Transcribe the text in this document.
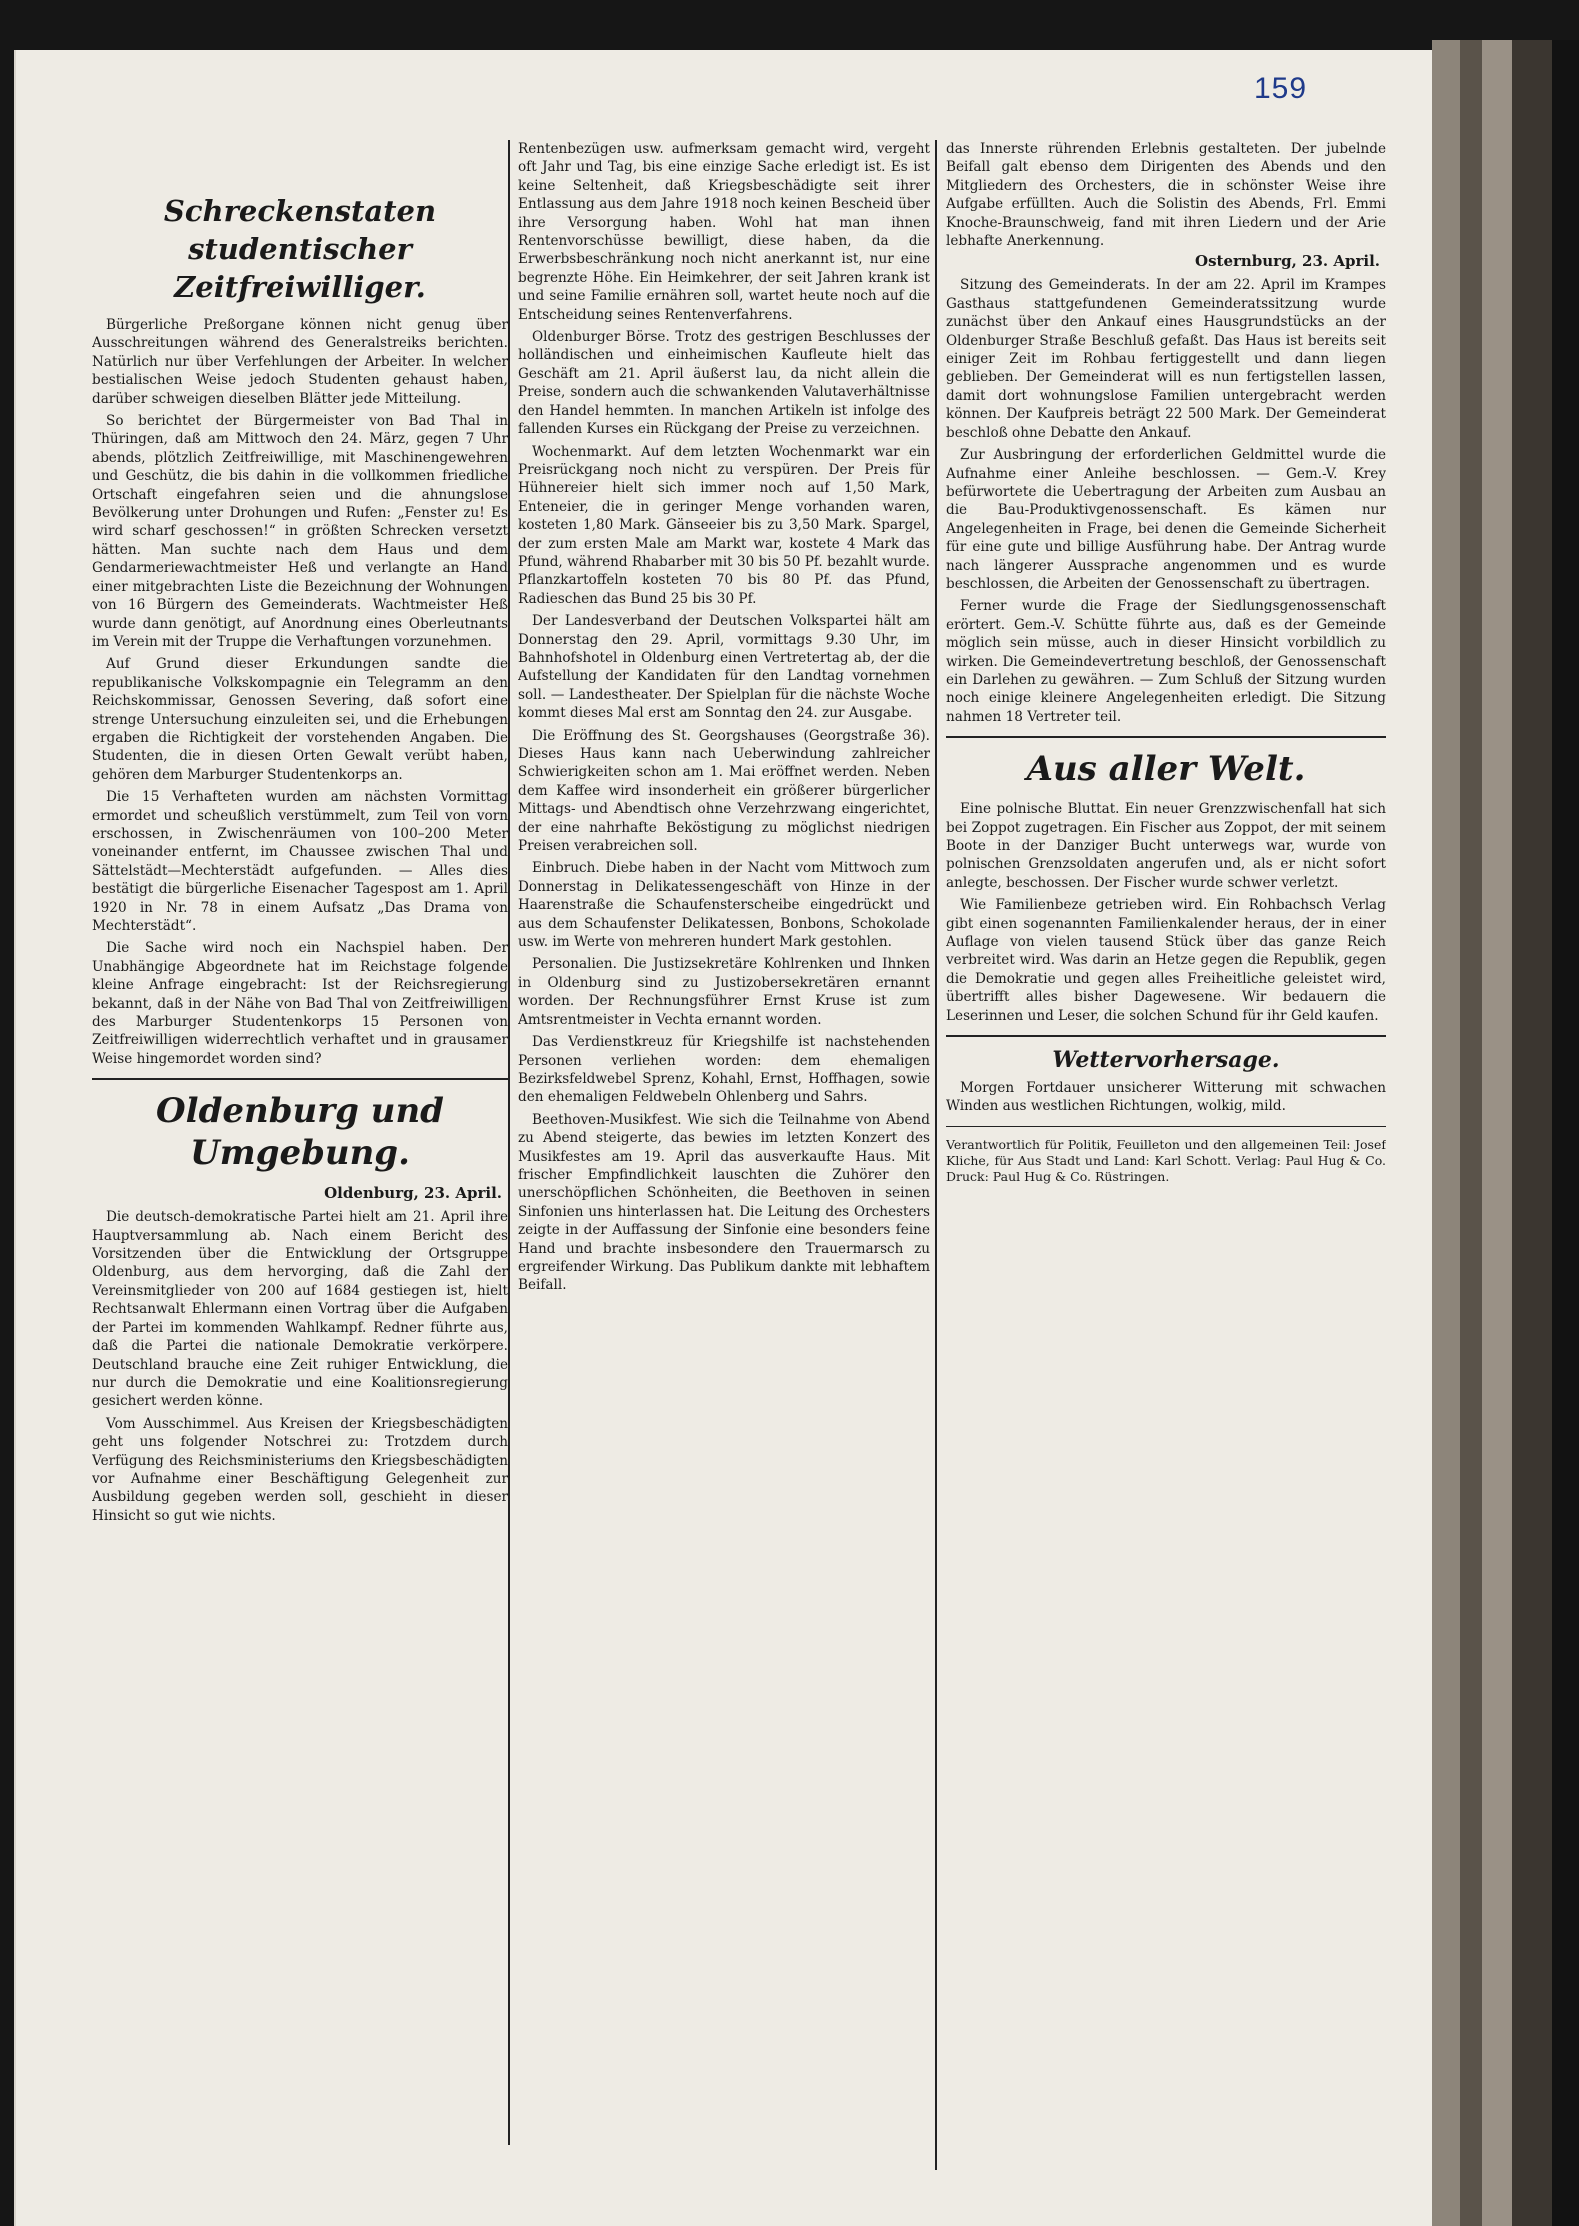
159
Schreckenstaten studentischer Zeitfreiwilliger.

Bürgerliche Preßorgane können nicht genug über Ausschreitungen während des Generalstreiks berichten. Natürlich nur über Verfehlungen der Arbeiter. In welcher bestialischen Weise jedoch Studenten gehaust haben, darüber schweigen dieselben Blätter jede Mitteilung.

So berichtet der Bürgermeister von Bad Thal in Thüringen, daß am Mittwoch den 24. März, gegen 7 Uhr abends, plötzlich Zeitfreiwillige, mit Maschinengewehren und Geschütz, die bis dahin in die vollkommen friedliche Ortschaft eingefahren seien und die ahnungslose Bevölkerung unter Drohungen und Rufen: „Fenster zu! Es wird scharf geschossen!“ in größten Schrecken versetzt hätten. Man suchte nach dem Haus und dem Gendarmeriewachtmeister Heß und verlangte an Hand einer mitgebrachten Liste die Bezeichnung der Wohnungen von 16 Bürgern des Gemeinderats. Wachtmeister Heß wurde dann genötigt, auf Anordnung eines Oberleutnants im Verein mit der Truppe die Verhaftungen vorzunehmen.

Auf Grund dieser Erkundungen sandte die republikanische Volkskompagnie ein Telegramm an den Reichskommissar, Genossen Severing, daß sofort eine strenge Untersuchung einzuleiten sei, und die Erhebungen ergaben die Richtigkeit der vorstehenden Angaben. Die Studenten, die in diesen Orten Gewalt verübt haben, gehören dem Marburger Studentenkorps an.

Die 15 Verhafteten wurden am nächsten Vormittag ermordet und scheußlich verstümmelt, zum Teil von vorn erschossen, in Zwischenräumen von 100–200 Meter voneinander entfernt, im Chaussee zwischen Thal und Sättelstädt—Mechterstädt aufgefunden. — Alles dies bestätigt die bürgerliche Eisenacher Tagespost am 1. April 1920 in Nr. 78 in einem Aufsatz „Das Drama von Mechterstädt“.

Die Sache wird noch ein Nachspiel haben. Der Unabhängige Abgeordnete hat im Reichstage folgende kleine Anfrage eingebracht: Ist der Reichsregierung bekannt, daß in der Nähe von Bad Thal von Zeitfreiwilligen des Marburger Studentenkorps 15 Personen von Zeitfreiwilligen widerrechtlich verhaftet und in grausamer Weise hingemordet worden sind?

Oldenburg und Umgebung.
Oldenburg, 23. April.

Die deutsch-demokratische Partei hielt am 21. April ihre Hauptversammlung ab. Nach einem Bericht des Vorsitzenden über die Entwicklung der Ortsgruppe Oldenburg, aus dem hervorging, daß die Zahl der Vereinsmitglieder von 200 auf 1684 gestiegen ist, hielt Rechtsanwalt Ehlermann einen Vortrag über die Aufgaben der Partei im kommenden Wahlkampf. Redner führte aus, daß die Partei die nationale Demokratie verkörpere. Deutschland brauche eine Zeit ruhiger Entwicklung, die nur durch die Demokratie und eine Koalitionsregierung gesichert werden könne.

Vom Ausschimmel. Aus Kreisen der Kriegsbeschädigten geht uns folgender Notschrei zu: Trotzdem durch Verfügung des Reichsministeriums den Kriegsbeschädigten vor Aufnahme einer Beschäftigung Gelegenheit zur Ausbildung gegeben werden soll, geschieht in dieser Hinsicht so gut wie nichts.

Rentenbezügen usw. aufmerksam gemacht wird, vergeht oft Jahr und Tag, bis eine einzige Sache erledigt ist. Es ist keine Seltenheit, daß Kriegsbeschädigte seit ihrer Entlassung aus dem Jahre 1918 noch keinen Bescheid über ihre Versorgung haben. Wohl hat man ihnen Rentenvorschüsse bewilligt, diese haben, da die Erwerbsbeschränkung noch nicht anerkannt ist, nur eine begrenzte Höhe. Ein Heimkehrer, der seit Jahren krank ist und seine Familie ernähren soll, wartet heute noch auf die Entscheidung seines Rentenverfahrens.

Oldenburger Börse. Trotz des gestrigen Beschlusses der holländischen und einheimischen Kaufleute hielt das Geschäft am 21. April äußerst lau, da nicht allein die Preise, sondern auch die schwankenden Valutaverhältnisse den Handel hemmten. In manchen Artikeln ist infolge des fallenden Kurses ein Rückgang der Preise zu verzeichnen.

Wochenmarkt. Auf dem letzten Wochenmarkt war ein Preisrückgang noch nicht zu verspüren. Der Preis für Hühnereier hielt sich immer noch auf 1,50 Mark, Enteneier, die in geringer Menge vorhanden waren, kosteten 1,80 Mark. Gänseeier bis zu 3,50 Mark. Spargel, der zum ersten Male am Markt war, kostete 4 Mark das Pfund, während Rhabarber mit 30 bis 50 Pf. bezahlt wurde. Pflanzkartoffeln kosteten 70 bis 80 Pf. das Pfund, Radieschen das Bund 25 bis 30 Pf.

Der Landesverband der Deutschen Volkspartei hält am Donnerstag den 29. April, vormittags 9.30 Uhr, im Bahnhofshotel in Oldenburg einen Vertretertag ab, der die Aufstellung der Kandidaten für den Landtag vornehmen soll. — Landestheater. Der Spielplan für die nächste Woche kommt dieses Mal erst am Sonntag den 24. zur Ausgabe.

Die Eröffnung des St. Georgshauses (Georgstraße 36). Dieses Haus kann nach Ueberwindung zahlreicher Schwierigkeiten schon am 1. Mai eröffnet werden. Neben dem Kaffee wird insonderheit ein größerer bürgerlicher Mittags- und Abendtisch ohne Verzehrzwang eingerichtet, der eine nahrhafte Beköstigung zu möglichst niedrigen Preisen verabreichen soll.

Einbruch. Diebe haben in der Nacht vom Mittwoch zum Donnerstag in Delikatessengeschäft von Hinze in der Haarenstraße die Schaufensterscheibe eingedrückt und aus dem Schaufenster Delikatessen, Bonbons, Schokolade usw. im Werte von mehreren hundert Mark gestohlen.

Personalien. Die Justizsekretäre Kohlrenken und Ihnken in Oldenburg sind zu Justizobersekretären ernannt worden. Der Rechnungsführer Ernst Kruse ist zum Amtsrentmeister in Vechta ernannt worden.

Das Verdienstkreuz für Kriegshilfe ist nachstehenden Personen verliehen worden: dem ehemaligen Bezirksfeldwebel Sprenz, Kohahl, Ernst, Hoffhagen, sowie den ehemaligen Feldwebeln Ohlenberg und Sahrs.

Beethoven-Musikfest. Wie sich die Teilnahme von Abend zu Abend steigerte, das bewies im letzten Konzert des Musikfestes am 19. April das ausverkaufte Haus. Mit frischer Empfindlichkeit lauschten die Zuhörer den unerschöpflichen Schönheiten, die Beethoven in seinen Sinfonien uns hinterlassen hat. Die Leitung des Orchesters zeigte in der Auffassung der Sinfonie eine besonders feine Hand und brachte insbesondere den Trauermarsch zu ergreifender Wirkung. Das Publikum dankte mit lebhaftem Beifall.

das Innerste rührenden Erlebnis gestalteten. Der jubelnde Beifall galt ebenso dem Dirigenten des Abends und den Mitgliedern des Orchesters, die in schönster Weise ihre Aufgabe erfüllten. Auch die Solistin des Abends, Frl. Emmi Knoche-Braunschweig, fand mit ihren Liedern und der Arie lebhafte Anerkennung.

Osternburg, 23. April.

Sitzung des Gemeinderats. In der am 22. April im Krampes Gasthaus stattgefundenen Gemeinderatssitzung wurde zunächst über den Ankauf eines Hausgrundstücks an der Oldenburger Straße Beschluß gefaßt. Das Haus ist bereits seit einiger Zeit im Rohbau fertiggestellt und dann liegen geblieben. Der Gemeinderat will es nun fertigstellen lassen, damit dort wohnungslose Familien untergebracht werden können. Der Kaufpreis beträgt 22 500 Mark. Der Gemeinderat beschloß ohne Debatte den Ankauf.

Zur Ausbringung der erforderlichen Geldmittel wurde die Aufnahme einer Anleihe beschlossen. — Gem.-V. Krey befürwortete die Uebertragung der Arbeiten zum Ausbau an die Bau-Produktivgenossenschaft. Es kämen nur Angelegenheiten in Frage, bei denen die Gemeinde Sicherheit für eine gute und billige Ausführung habe. Der Antrag wurde nach längerer Aussprache angenommen und es wurde beschlossen, die Arbeiten der Genossenschaft zu übertragen.

Ferner wurde die Frage der Siedlungsgenossenschaft erörtert. Gem.-V. Schütte führte aus, daß es der Gemeinde möglich sein müsse, auch in dieser Hinsicht vorbildlich zu wirken. Die Gemeindevertretung beschloß, der Genossenschaft ein Darlehen zu gewähren. — Zum Schluß der Sitzung wurden noch einige kleinere Angelegenheiten erledigt. Die Sitzung nahmen 18 Vertreter teil.

Aus aller Welt.

Eine polnische Bluttat. Ein neuer Grenzzwischenfall hat sich bei Zoppot zugetragen. Ein Fischer aus Zoppot, der mit seinem Boote in der Danziger Bucht unterwegs war, wurde von polnischen Grenzsoldaten angerufen und, als er nicht sofort anlegte, beschossen. Der Fischer wurde schwer verletzt.

Wie Familienbeze getrieben wird. Ein Rohbachsch Verlag gibt einen sogenannten Familienkalender heraus, der in einer Auflage von vielen tausend Stück über das ganze Reich verbreitet wird. Was darin an Hetze gegen die Republik, gegen die Demokratie und gegen alles Freiheitliche geleistet wird, übertrifft alles bisher Dagewesene. Wir bedauern die Leserinnen und Leser, die solchen Schund für ihr Geld kaufen.

Wettervorhersage.

Morgen Fortdauer unsicherer Witterung mit schwachen Winden aus westlichen Richtungen, wolkig, mild.

Verantwortlich für Politik, Feuilleton und den allgemeinen Teil: Josef Kliche, für Aus Stadt und Land: Karl Schott. Verlag: Paul Hug & Co. Druck: Paul Hug & Co. Rüstringen.
